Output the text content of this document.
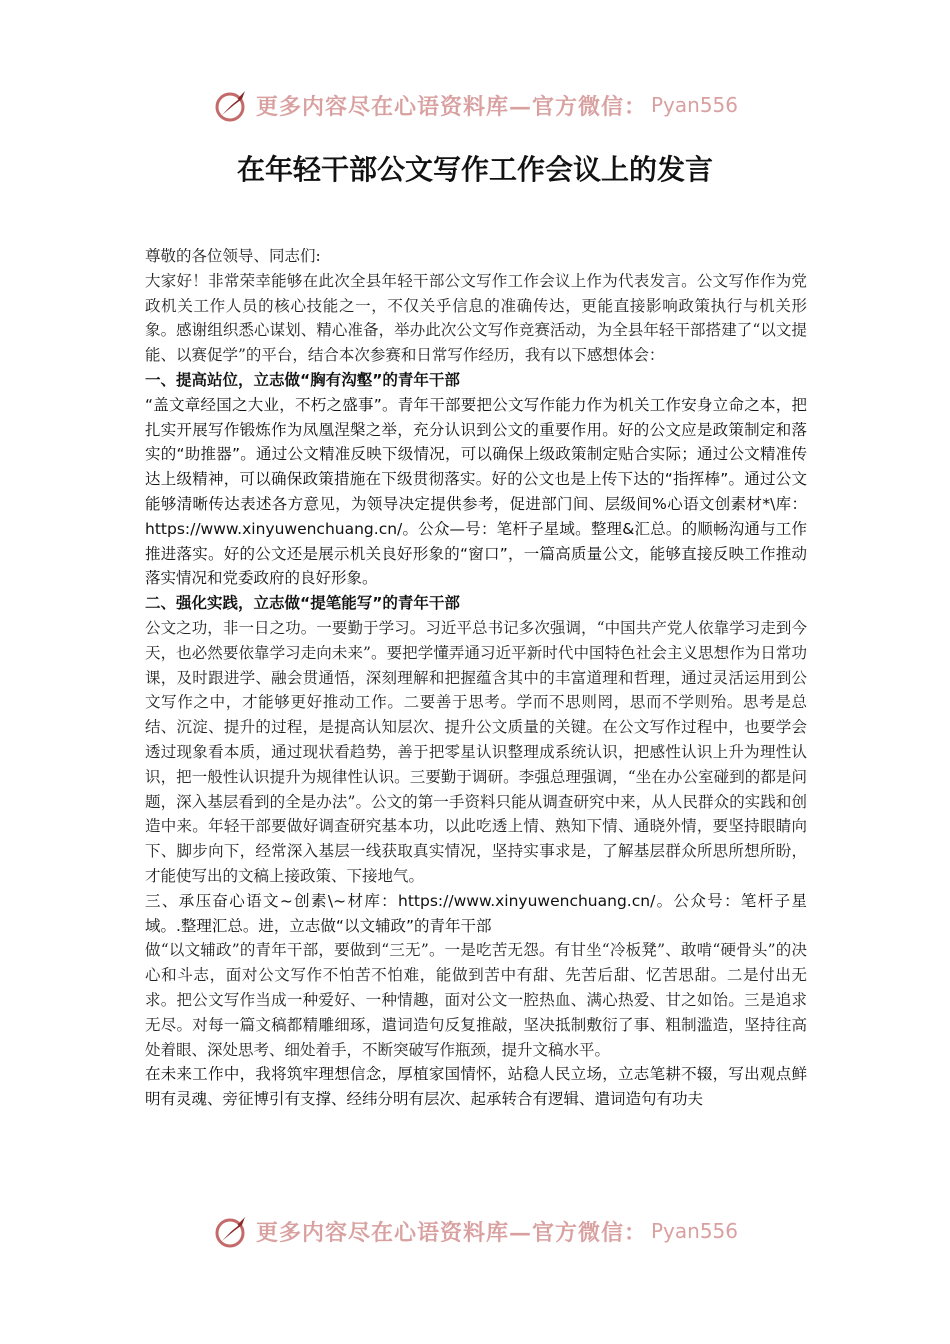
更多内容尽在心语资料库—官方微信： Pyan556
在年轻干部公文写作工作会议上的发言

尊敬的各位领导、同志们:

大家好！非常荣幸能够在此次全县年轻干部公文写作工作会议上作为代表发言。公文写作作为党政机关工作人员的核心技能之一，不仅关乎信息的准确传达，更能直接影响政策执行与机关形象。感谢组织悉心谋划、精心准备，举办此次公文写作竞赛活动，为全县年轻干部搭建了“以文提能、以赛促学”的平台，结合本次参赛和日常写作经历，我有以下感想体会：

一、提高站位，立志做“胸有沟壑”的青年干部

“盖文章经国之大业，不朽之盛事”。青年干部要把公文写作能力作为机关工作安身立命之本，把扎实开展写作锻炼作为凤凰涅槃之举，充分认识到公文的重要作用。好的公文应是政策制定和落实的“助推器”。通过公文精准反映下级情况，可以确保上级政策制定贴合实际；通过公文精准传达上级精神，可以确保政策措施在下级贯彻落实。好的公文也是上传下达的“指挥棒”。通过公文能够清晰传达表述各方意见，为领导决定提供参考，促进部门间、层级间%心语文创素材*\库：https://www.xinyuwenchuang.cn/。公众—号：笔杆子星域。整理&汇总。的顺畅沟通与工作推进落实。好的公文还是展示机关良好形象的“窗口”，一篇高质量公文，能够直接反映工作推动落实情况和党委政府的良好形象。

二、强化实践，立志做“提笔能写”的青年干部

公文之功，非一日之功。一要勤于学习。习近平总书记多次强调，“中国共产党人依靠学习走到今天，也必然要依靠学习走向未来”。要把学懂弄通习近平新时代中国特色社会主义思想作为日常功课，及时跟进学、融会贯通悟，深刻理解和把握蕴含其中的丰富道理和哲理，通过灵活运用到公文写作之中，才能够更好推动工作。二要善于思考。学而不思则罔，思而不学则殆。思考是总结、沉淀、提升的过程，是提高认知层次、提升公文质量的关键。在公文写作过程中，也要学会透过现象看本质，通过现状看趋势，善于把零星认识整理成系统认识，把感性认识上升为理性认识，把一般性认识提升为规律性认识。三要勤于调研。李强总理强调，“坐在办公室碰到的都是问题，深入基层看到的全是办法”。公文的第一手资料只能从调查研究中来，从人民群众的实践和创造中来。年轻干部要做好调查研究基本功，以此吃透上情、熟知下情、通晓外情，要坚持眼睛向下、脚步向下，经常深入基层一线获取真实情况，坚持实事求是，了解基层群众所思所想所盼，才能使写出的文稿上接政策、下接地气。

三、承压奋心语文~创素\~材库：https://www.xinyuwenchuang.cn/。公众号：笔杆子星域。.整理汇总。进，立志做“以文辅政”的青年干部

做“以文辅政”的青年干部，要做到“三无”。一是吃苦无怨。有甘坐“冷板凳”、敢啃“硬骨头”的决心和斗志，面对公文写作不怕苦不怕难，能做到苦中有甜、先苦后甜、忆苦思甜。二是付出无求。把公文写作当成一种爱好、一种情趣，面对公文一腔热血、满心热爱、甘之如饴。三是追求无尽。对每一篇文稿都精雕细琢，遣词造句反复推敲，坚决抵制敷衍了事、粗制滥造，坚持往高处着眼、深处思考、细处着手，不断突破写作瓶颈，提升文稿水平。

在未来工作中，我将筑牢理想信念，厚植家国情怀，站稳人民立场，立志笔耕不辍，写出观点鲜明有灵魂、旁征博引有支撑、经纬分明有层次、起承转合有逻辑、遣词造句有功夫

更多内容尽在心语资料库—官方微信： Pyan556
